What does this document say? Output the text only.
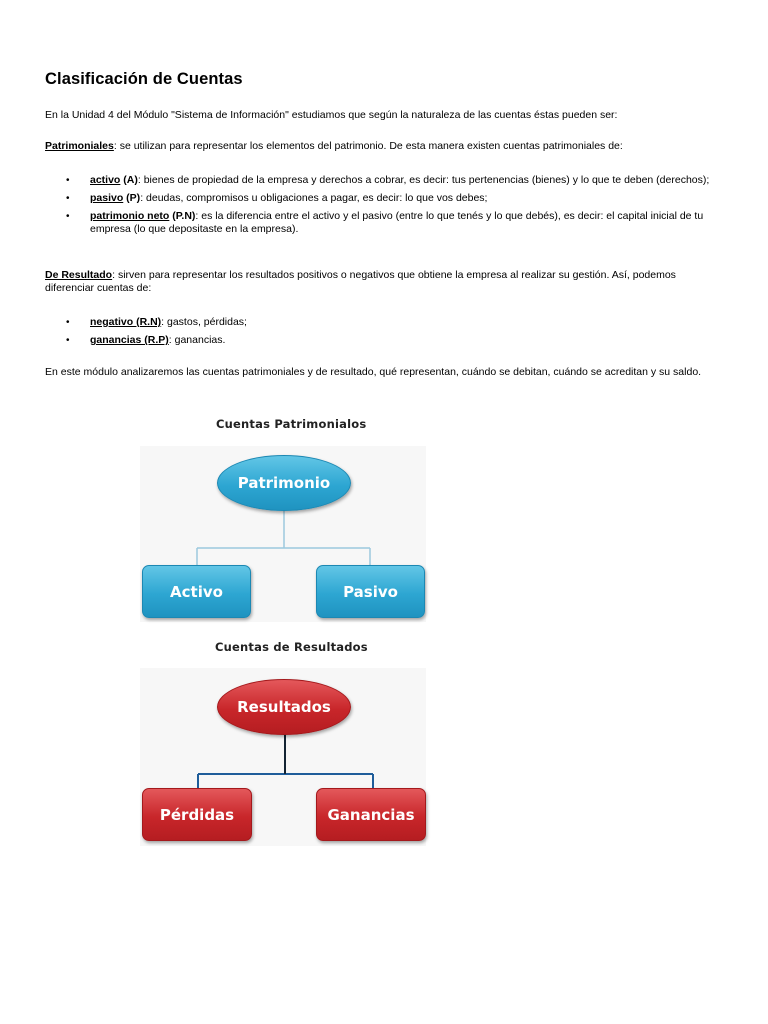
Clasificación de Cuentas

En la Unidad 4 del Módulo "Sistema de Información" estudiamos que según la naturaleza de las cuentas éstas pueden ser:

Patrimoniales: se utilizan para representar los elementos del patrimonio. De esta manera existen cuentas patrimoniales de:

• activo (A): bienes de propiedad de la empresa y derechos a cobrar, es decir: tus pertenencias (bienes) y lo que te deben (derechos);
• pasivo (P): deudas, compromisos u obligaciones a pagar, es decir: lo que vos debes;
• patrimonio neto (P.N): es la diferencia entre el activo y el pasivo (entre lo que tenés y lo que debés), es decir: el capital inicial de tu empresa (lo que depositaste en la empresa).

De Resultado: sirven para representar los resultados positivos o negativos que obtiene la empresa al realizar su gestión. Así, podemos diferenciar cuentas de:

• negativo (R.N): gastos, pérdidas;
• ganancias (R.P): ganancias.

En este módulo analizaremos las cuentas patrimoniales y de resultado, qué representan, cuándo se debitan, cuándo se acreditan y su saldo.

Cuentas Patrimonialos
Patrimonio
Activo	Pasivo
Cuentas de Resultados
Resultados
Pérdidas	Ganancias
